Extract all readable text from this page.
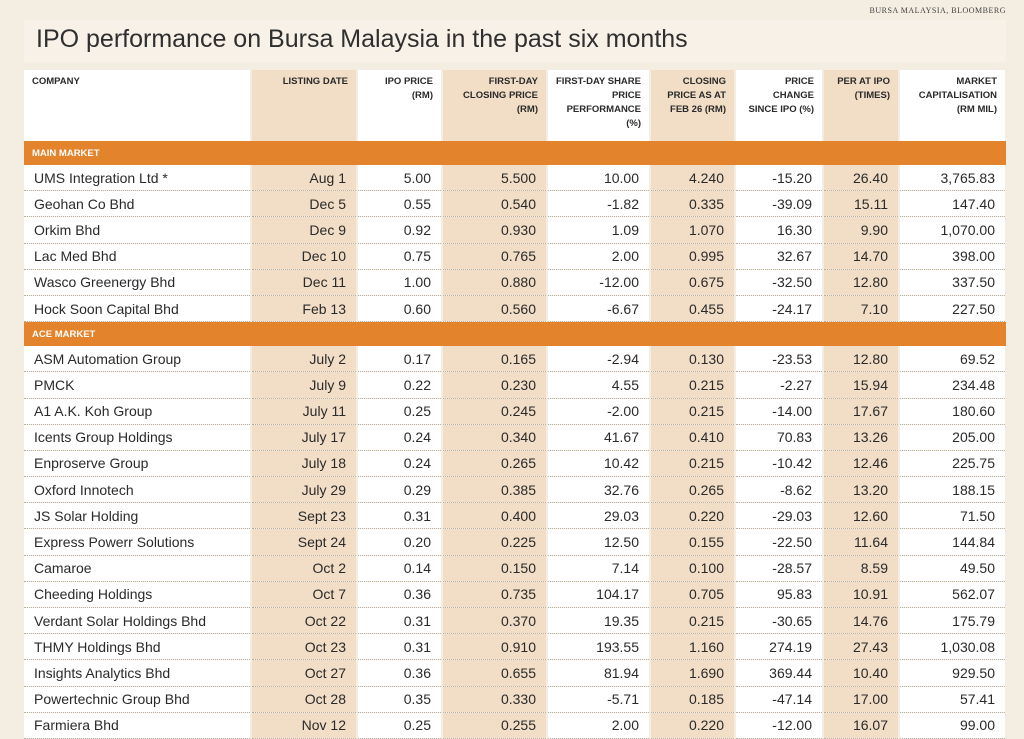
BURSA MALAYSIA, BLOOMBERG
IPO performance on Bursa Malaysia in the past six months
COMPANY	LISTING DATE	IPO PRICE (RM)	FIRST-DAY CLOSING PRICE (RM)	FIRST-DAY SHARE PRICE PERFORMANCE (%)	CLOSING PRICE AS AT FEB 26 (RM)	PRICE CHANGE SINCE IPO (%)	PER AT IPO (TIMES)	MARKET CAPITALISATION (RM MIL)
MAIN MARKET								
UMS Integration Ltd *	Aug 1	5.00	5.500	10.00	4.240	-15.20	26.40	3,765.83
Geohan Co Bhd	Dec 5	0.55	0.540	-1.82	0.335	-39.09	15.11	147.40
Orkim Bhd	Dec 9	0.92	0.930	1.09	1.070	16.30	9.90	1,070.00
Lac Med Bhd	Dec 10	0.75	0.765	2.00	0.995	32.67	14.70	398.00
Wasco Greenergy Bhd	Dec 11	1.00	0.880	-12.00	0.675	-32.50	12.80	337.50
Hock Soon Capital Bhd	Feb 13	0.60	0.560	-6.67	0.455	-24.17	7.10	227.50
ACE MARKET								
ASM Automation Group	July 2	0.17	0.165	-2.94	0.130	-23.53	12.80	69.52
PMCK	July 9	0.22	0.230	4.55	0.215	-2.27	15.94	234.48
A1 A.K. Koh Group	July 11	0.25	0.245	-2.00	0.215	-14.00	17.67	180.60
Icents Group Holdings	July 17	0.24	0.340	41.67	0.410	70.83	13.26	205.00
Enproserve Group	July 18	0.24	0.265	10.42	0.215	-10.42	12.46	225.75
Oxford Innotech	July 29	0.29	0.385	32.76	0.265	-8.62	13.20	188.15
JS Solar Holding	Sept 23	0.31	0.400	29.03	0.220	-29.03	12.60	71.50
Express Powerr Solutions	Sept 24	0.20	0.225	12.50	0.155	-22.50	11.64	144.84
Camaroe	Oct 2	0.14	0.150	7.14	0.100	-28.57	8.59	49.50
Cheeding Holdings	Oct 7	0.36	0.735	104.17	0.705	95.83	10.91	562.07
Verdant Solar Holdings Bhd	Oct 22	0.31	0.370	19.35	0.215	-30.65	14.76	175.79
THMY Holdings Bhd	Oct 23	0.31	0.910	193.55	1.160	274.19	27.43	1,030.08
Insights Analytics Bhd	Oct 27	0.36	0.655	81.94	1.690	369.44	10.40	929.50
Powertechnic Group Bhd	Oct 28	0.35	0.330	-5.71	0.185	-47.14	17.00	57.41
Farmiera Bhd	Nov 12	0.25	0.255	2.00	0.220	-12.00	16.07	99.00
